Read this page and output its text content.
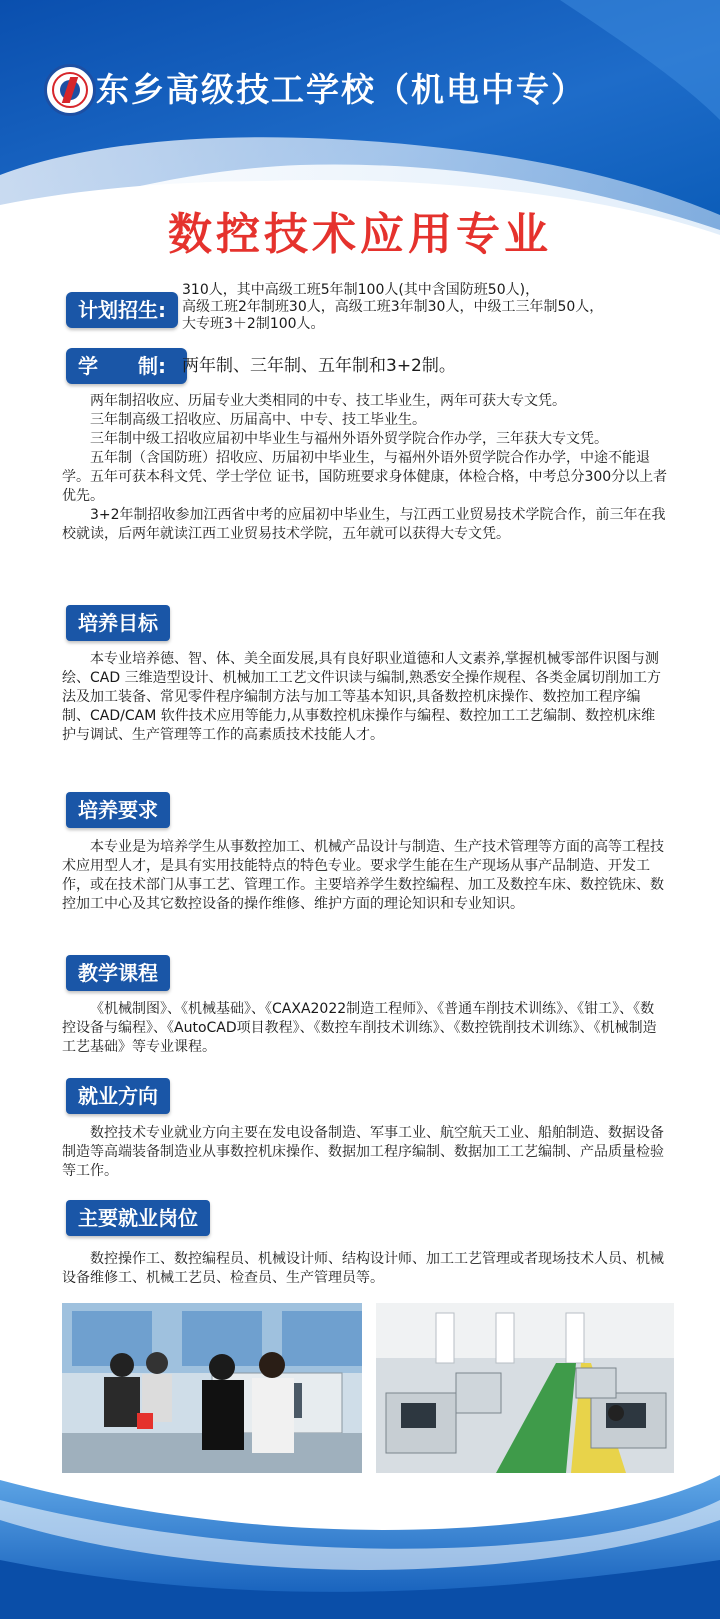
东乡高级技工学校（机电中专）
数控技术应用专业
计划招生:
310人，其中高级工班5年制100人(其中含国防班50人)，
高级工班2年制班30人，高级工班3年制30人，中级工三年制50人，
大专班3＋2制100人。
学　　制: 两年制、三年制、五年制和3+2制。

两年制招收应、历届专业大类相同的中专、技工毕业生，两年可获大专文凭。

三年制高级工招收应、历届高中、中专、技工毕业生。

三年制中级工招收应届初中毕业生与福州外语外贸学院合作办学，三年获大专文凭。

五年制（含国防班）招收应、历届初中毕业生，与福州外语外贸学院合作办学，中途不能退学。五年可获本科文凭、学士学位 证书，国防班要求身体健康，体检合格，中考总分300分以上者优先。

3+2年制招收参加江西省中考的应届初中毕业生，与江西工业贸易技术学院合作，前三年在我校就读，后两年就读江西工业贸易技术学院，五年就可以获得大专文凭。

培养目标

本专业培养德、智、体、美全面发展,具有良好职业道德和人文素养,掌握机械零部件识图与测绘、CAD 三维造型设计、机械加工工艺文件识读与编制,熟悉安全操作规程、各类金属切削加工方法及加工装备、常见零件程序编制方法与加工等基本知识,具备数控机床操作、数控加工程序编制、CAD/CAM 软件技术应用等能力,从事数控机床操作与编程、数控加工工艺编制、数控机床维护与调试、生产管理等工作的高素质技术技能人才。

培养要求

本专业是为培养学生从事数控加工、机械产品设计与制造、生产技术管理等方面的高等工程技术应用型人才，是具有实用技能特点的特色专业。要求学生能在生产现场从事产品制造、开发工作，或在技术部门从事工艺、管理工作。主要培养学生数控编程、加工及数控车床、数控铣床、数控加工中心及其它数控设备的操作维修、维护方面的理论知识和专业知识。

教学课程

《机械制图》、《机械基础》、《CAXA2022制造工程师》、《普通车削技术训练》、《钳工》、《数控设备与编程》、《AutoCAD项目教程》、《数控车削技术训练》、《数控铣削技术训练》、《机械制造工艺基础》等专业课程。

就业方向

数控技术专业就业方向主要在发电设备制造、军事工业、航空航天工业、船舶制造、数据设备制造等高端装备制造业从事数控机床操作、数据加工程序编制、数据加工工艺编制、产品质量检验等工作。

主要就业岗位

数控操作工、数控编程员、机械设计师、结构设计师、加工工艺管理或者现场技术人员、机械设备维修工、机械工艺员、检查员、生产管理员等。
